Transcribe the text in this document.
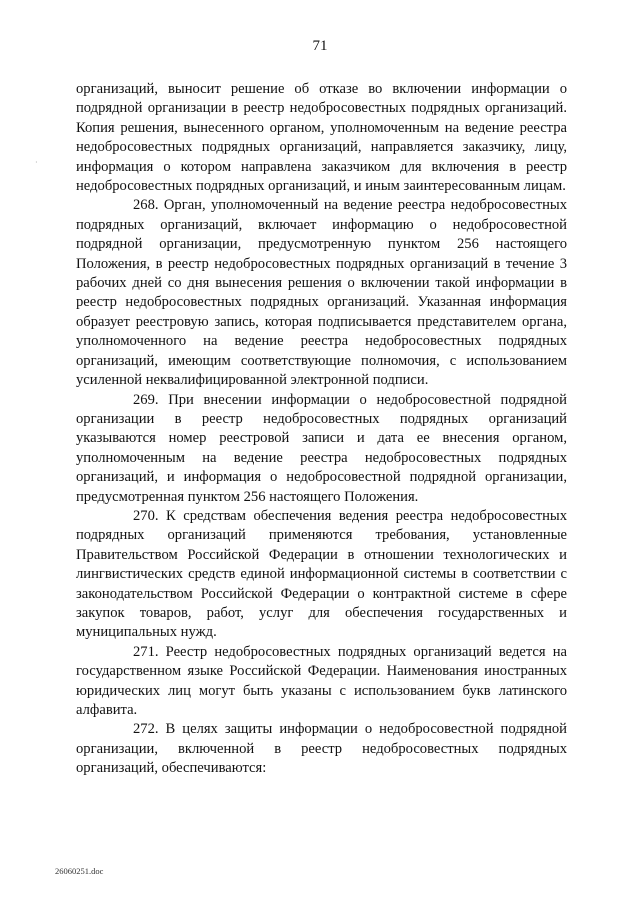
71
·

организаций, выносит решение об отказе во включении информации о подрядной организации в реестр недобросовестных подрядных организаций. Копия решения, вынесенного органом, уполномоченным на ведение реестра недобросовестных подрядных организаций, направляется заказчику, лицу, информация о котором направлена заказчиком для включения в реестр недобросовестных подрядных организаций, и иным заинтересованным лицам.

268. Орган, уполномоченный на ведение реестра недобросовестных подрядных организаций, включает информацию о недобросовестной подрядной организации, предусмотренную пунктом 256 настоящего Положения, в реестр недобросовестных подрядных организаций в течение 3 рабочих дней со дня вынесения решения о включении такой информации в реестр недобросовестных подрядных организаций. Указанная информация образует реестровую запись, которая подписывается представителем органа, уполномоченного на ведение реестра недобросовестных подрядных организаций, имеющим соответствующие полномочия, с использованием усиленной неквалифицированной электронной подписи.

269. При внесении информации о недобросовестной подрядной организации в реестр недобросовестных подрядных организаций указываются номер реестровой записи и дата ее внесения органом, уполномоченным на ведение реестра недобросовестных подрядных организаций, и информация о недобросовестной подрядной организации, предусмотренная пунктом 256 настоящего Положения.

270. К средствам обеспечения ведения реестра недобросовестных подрядных организаций применяются требования, установленные Правительством Российской Федерации в отношении технологических и лингвистических средств единой информационной системы в соответствии с законодательством Российской Федерации о контрактной системе в сфере закупок товаров, работ, услуг для обеспечения государственных и муниципальных нужд.

271. Реестр недобросовестных подрядных организаций ведется на государственном языке Российской Федерации. Наименования иностранных юридических лиц могут быть указаны с использованием букв латинского алфавита.

272. В целях защиты информации о недобросовестной подрядной организации, включенной в реестр недобросовестных подрядных организаций, обеспечиваются:

26060251.doc
